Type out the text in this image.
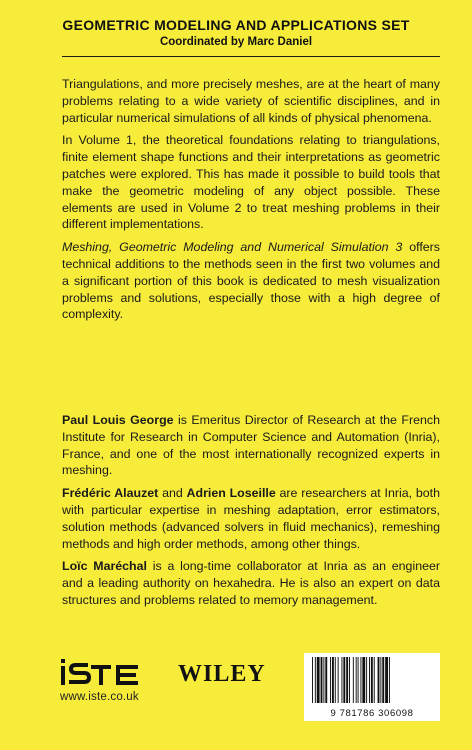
GEOMETRIC MODELING AND APPLICATIONS SET
Coordinated by Marc Daniel

Triangulations, and more precisely meshes, are at the heart of many problems relating to a wide variety of scientific disciplines, and in particular numerical simulations of all kinds of physical phenomena.

In Volume 1, the theoretical foundations relating to triangulations, finite element shape functions and their interpretations as geometric patches were explored. This has made it possible to build tools that make the geometric modeling of any object possible. These elements are used in Volume 2 to treat meshing problems in their different implementations.

Meshing, Geometric Modeling and Numerical Simulation 3 offers technical additions to the methods seen in the first two volumes and a significant portion of this book is dedicated to mesh visualization problems and solutions, especially those with a high degree of complexity.

Paul Louis George is Emeritus Director of Research at the French Institute for Research in Computer Science and Automation (Inria), France, and one of the most internationally recognized experts in meshing.

Frédéric Alauzet and Adrien Loseille are researchers at Inria, both with particular expertise in meshing adaptation, error estimators, solution methods (advanced solvers in fluid mechanics), remeshing methods and high order methods, among other things.

Loïc Maréchal is a long-time collaborator at Inria as an engineer and a leading authority on hexahedra. He is also an expert on data structures and problems related to memory management.

www.iste.co.uk
WILEY
9 781786 306098
